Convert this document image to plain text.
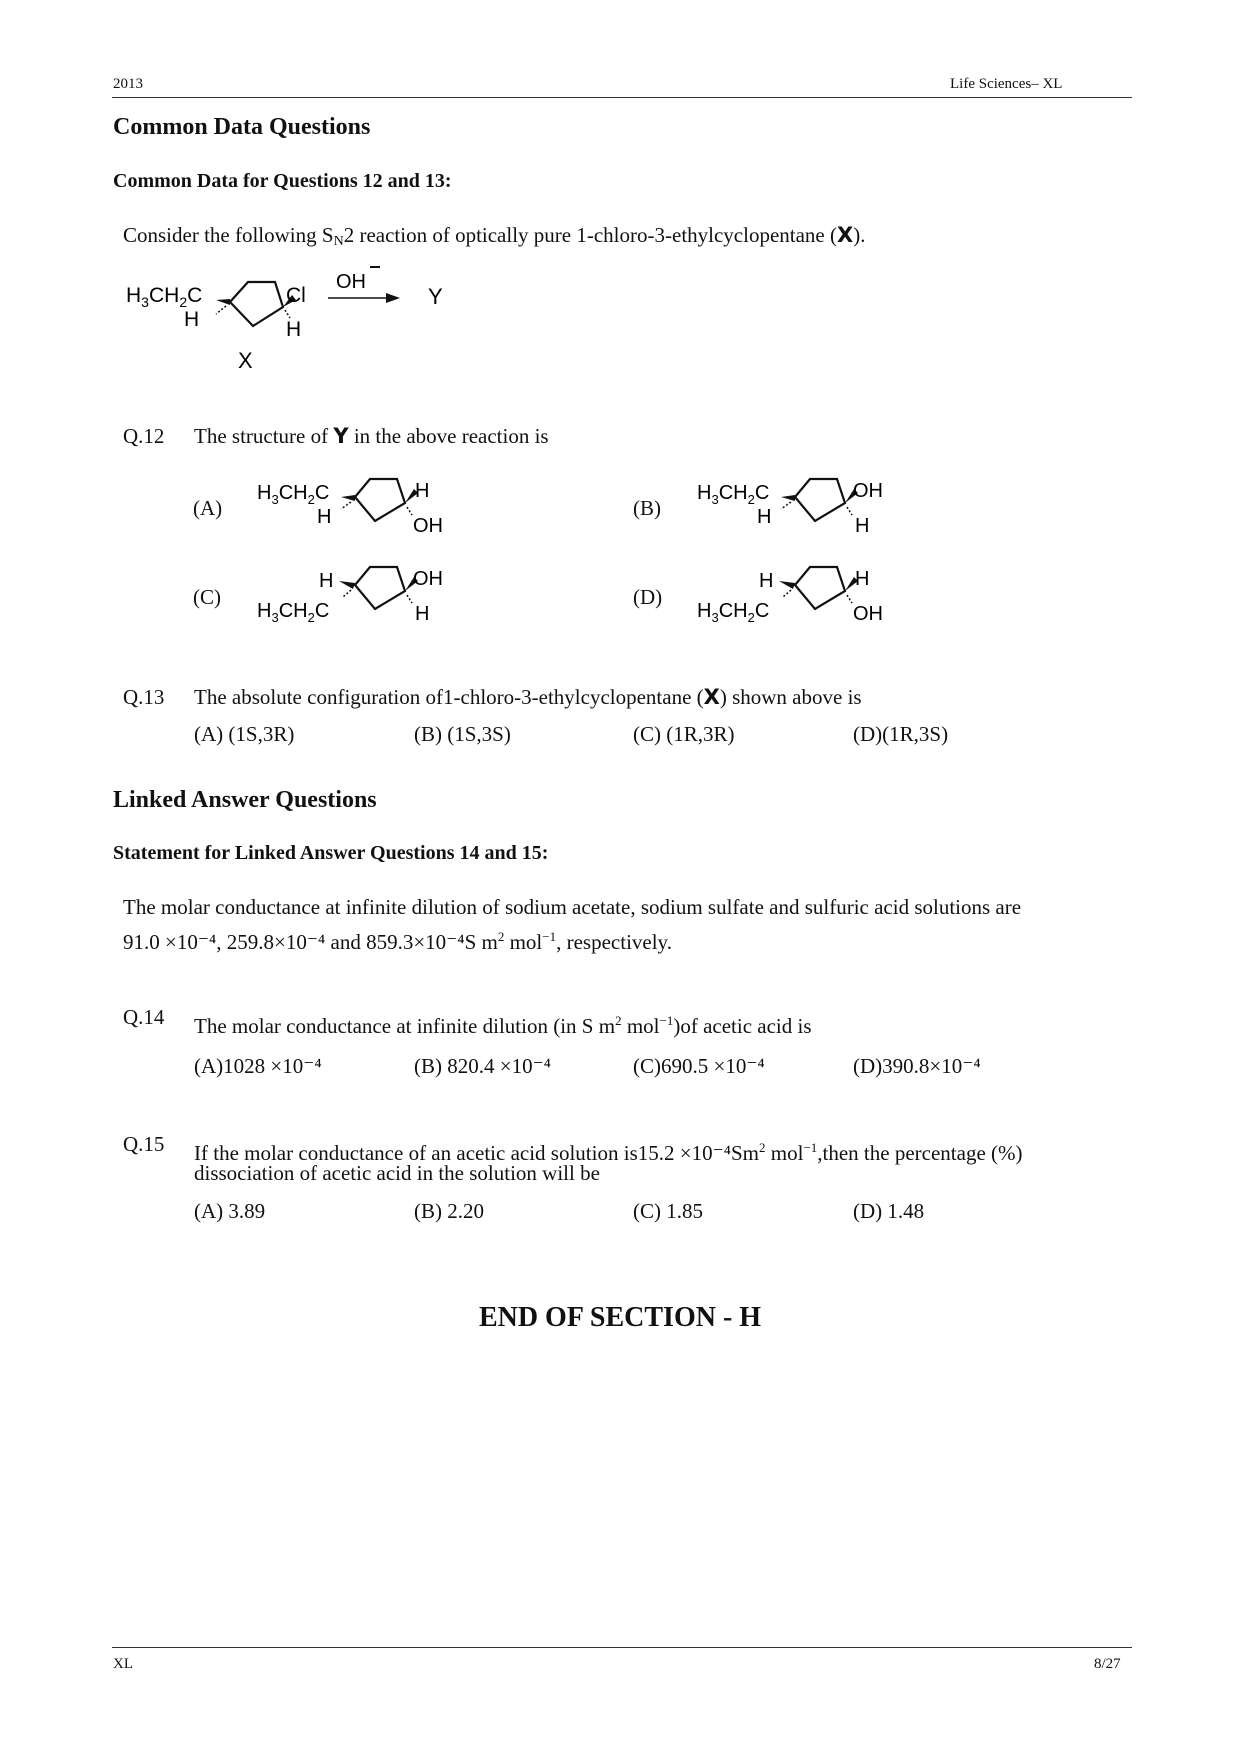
2013	Life Sciences– XL
Common Data Questions
Common Data for Questions 12 and 13:
Consider the following SN2 reaction of optically pure 1-chloro-3-ethylcyclopentane (X).
$H_3CH_2C$
H
Cl
H
X
OH
Y
Q.12 The structure of Y in the above reaction is
(A)
$H_3CH_2C$
H
H
OH
(B)
$H_3CH_2C$
H
OH
H
(C)
H
$H_3CH_2C$
OH
H
(D)
H
$H_3CH_2C$
H
OH
Q.13 The absolute configuration of1-chloro-3-ethylcyclopentane (X) shown above is
(A) (1S,3R)	(B) (1S,3S)	(C) (1R,3R)	(D)(1R,3S)
Linked Answer Questions
Statement for Linked Answer Questions 14 and 15:
The molar conductance at infinite dilution of sodium acetate, sodium sulfate and sulfuric acid solutions are
91.0 ×10⁻⁴, 259.8×10⁻⁴ and 859.3×10⁻⁴S $m^2$ mol$^{-1}$, respectively.
Q.14 The molar conductance at infinite dilution (in S $m^2$ mol$^{-1}$)of acetic acid is
(A)1028 ×10⁻⁴	(B) 820.4 ×10⁻⁴	(C)690.5 ×10⁻⁴	(D)390.8×10⁻⁴
Q.15 If the molar conductance of an acetic acid solution $is15.2 \times 10^{-4}Sm^2$ mol$^{-1}$,then the percentage (%)
dissociation of acetic acid in the solution will be
(A) 3.89	(B) 2.20	(C) 1.85	(D) 1.48
END OF SECTION - H
XL	8/27
